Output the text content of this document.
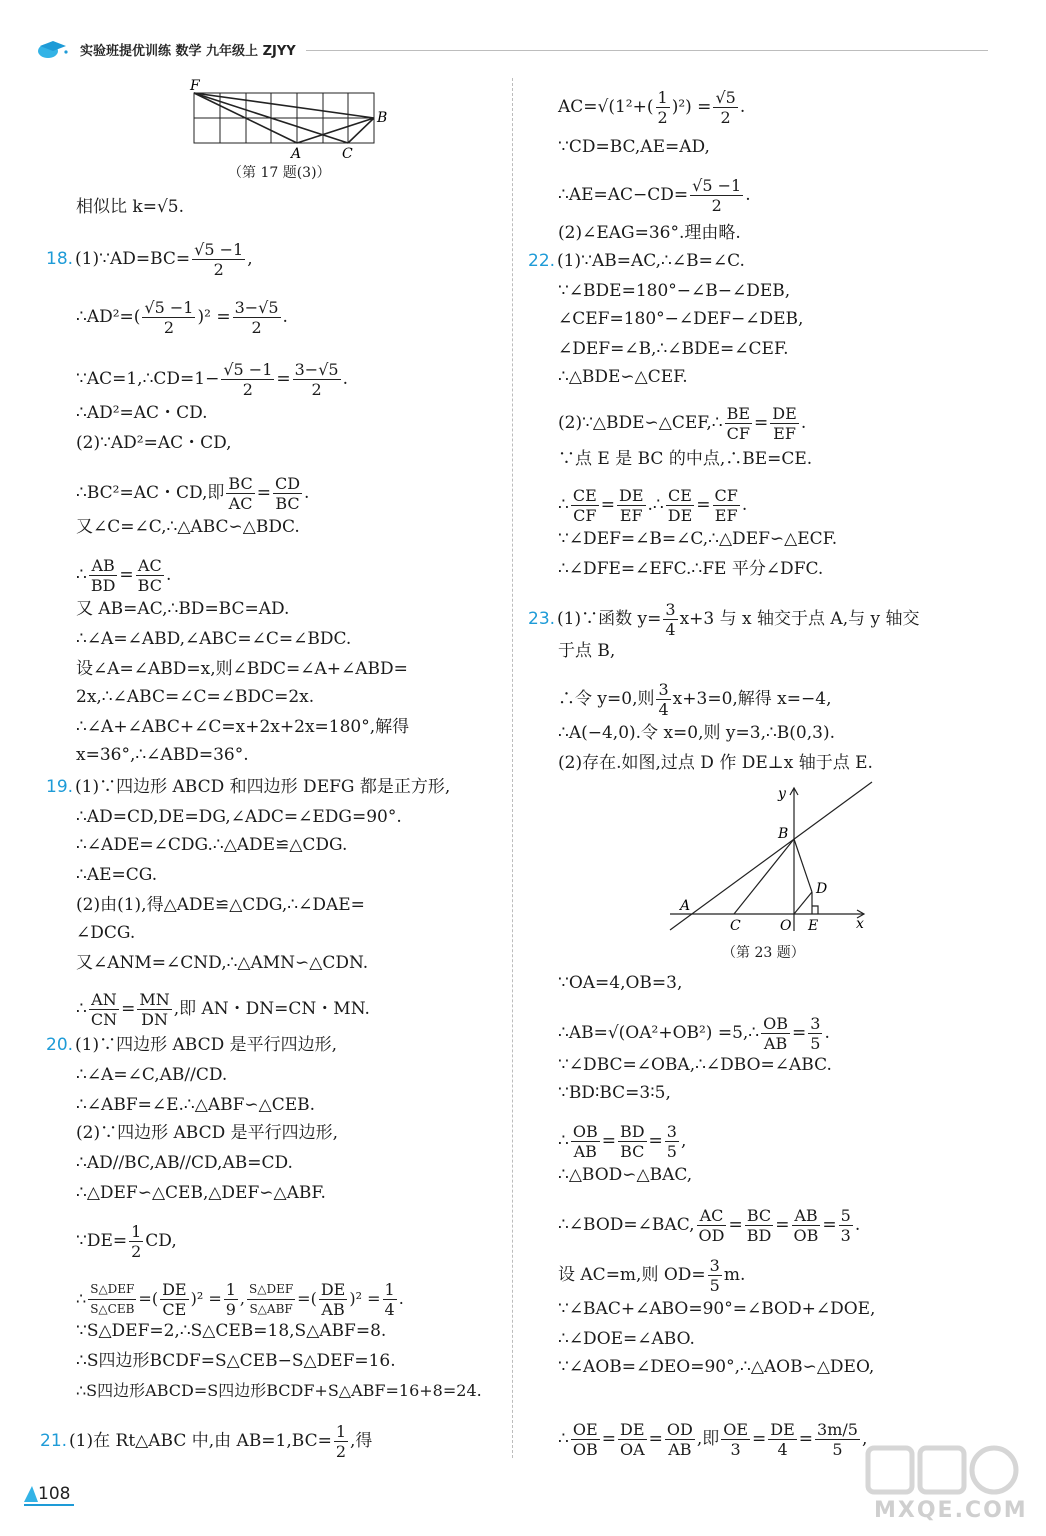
实验班提优训练 数学 九年级上 ZJYY
F
B
A	C
（第 17 题(3)）
相似比 k=√5.
18. (1)∵AD=BC= $\frac{√5 -1}{2}$ ,
∴AD²=( $\frac{√5 -1}{2} )^2 = \frac{3-√5}{2}$ .
∵AC=1,∴CD=1− $\frac{√5 -1}{2} = \frac{3-√5}{2}$ .
∴AD²=AC・CD.
(2)∵AD²=AC・CD,
∴BC²=AC・CD,即 $\frac{BC}{AC} = \frac{CD}{BC}$ .
又∠C=∠C,∴△ABC∽△BDC.
∴ $\frac{AB}{BD} = \frac{AC}{BC}$ .
又 AB=AC,∴BD=BC=AD.
∴∠A=∠ABD,∠ABC=∠C=∠BDC.
设∠A=∠ABD=x,则∠BDC=∠A+∠ABD=
2x,∴∠ABC=∠C=∠BDC=2x.
∴∠A+∠ABC+∠C=x+2x+2x=180°,解得
x=36°,∴∠ABD=36°.
19. (1)∵四边形 ABCD 和四边形 DEFG 都是正方形,
∴AD=CD,DE=DG,∠ADC=∠EDG=90°.
∴∠ADE=∠CDG.∴△ADE≌△CDG.
∴AE=CG.
(2)由(1),得△ADE≌△CDG,∴∠DAE=
∠DCG.
又∠ANM=∠CND,∴△AMN∽△CDN.
∴ $\frac{AN}{CN} = \frac{MN}{DN}$ ,即 AN・DN=CN・MN.
20. (1)∵四边形 ABCD 是平行四边形,
∴∠A=∠C,AB//CD.
∴∠ABF=∠E.∴△ABF∽△CEB.
(2)∵四边形 ABCD 是平行四边形,
∴AD//BC,AB//CD,AB=CD.
∴△DEF∽△CEB,△DEF∽△ABF.
∵DE= $\frac{1}{2}$ CD,
∴ $\frac{\text{S△DEF}}{\text{S△CEB}}$ =( $\frac{DE}{CE} )^2 = \frac{1}{9}$ , $\frac{\text{S△DEF}}{\text{S△ABF}}$ =( $\frac{DE}{AB} )^2 = \frac{1}{4}$ .
∵S△DEF=2,∴S△CEB=18,S△ABF=8.
∴S四边形BCDF=S△CEB−S△DEF=16.
∴S四边形ABCD=S四边形BCDF+S△ABF=16+8=24.
21. (1)在 Rt△ABC 中,由 $AB=1,BC= \frac{1}{2}$ ,得
$AC=√(1^2+( \frac{1}{2} )^2) = \frac{√5}{2}$ .
∵CD=BC,AE=AD,
∴AE=AC−CD= $\frac{√5 -1}{2}$ .
(2)∠EAG=36°.理由略.
22. (1)∵AB=AC,∴∠B=∠C.
∵∠BDE=180°−∠B−∠DEB,
∠CEF=180°−∠DEF−∠DEB,
∠DEF=∠B,∴∠BDE=∠CEF.
∴△BDE∽△CEF.
(2)∵△BDE∽△CEF,∴ $\frac{BE}{CF} = \frac{DE}{EF}$ .
∵点 E 是 BC 的中点,∴BE=CE.
∴ $\frac{CE}{CF} = \frac{DE}{EF}$ .∴ $\frac{CE}{DE} = \frac{CF}{EF}$ .
∵∠DEF=∠B=∠C,∴△DEF∽△ECF.
∴∠DFE=∠EFC.∴FE 平分∠DFC.
23. (1)∵函数 $y= \frac{3}{4} x+3$ 与 x 轴交于点 A,与 y 轴交
于点 B,
∴令 y=0,则 $\frac{3}{4} x+3=0$,解得 x=−4,
∴A(−4,0).令 x=0,则 y=3,∴B(0,3).
(2)存在.如图,过点 D 作 DE⊥x 轴于点 E.
y
B
D
A
C	O E	x
（第 23 题）
∵OA=4,OB=3,
∴AB=√(OA²+OB²) =5,∴ $\frac{OB}{AB} = \frac{3}{5}$ .
∵∠DBC=∠OBA,∴∠DBO=∠ABC.
∵BD∶BC=3∶5,
∴ $\frac{OB}{AB} = \frac{BD}{BC} = \frac{3}{5}$ ,
∴△BOD∽△BAC,
∴∠BOD=∠BAC, $\frac{AC}{OD} = \frac{BC}{BD} = \frac{AB}{OB} = \frac{5}{3}$ .
设 AC=m,则 $OD= \frac{3}{5} m$.
∵∠BAC+∠ABO=90°=∠BOD+∠DOE,
∴∠DOE=∠ABO.
∵∠AOB=∠DEO=90°,∴△AOB∽△DEO,
∴ $\frac{OE}{OB} = \frac{DE}{OA} = \frac{OD}{AB}$ ,即 $\frac{OE}{3} = \frac{DE}{4} = \frac{3m/5}{5}$ ,
108
MXQE.COM
